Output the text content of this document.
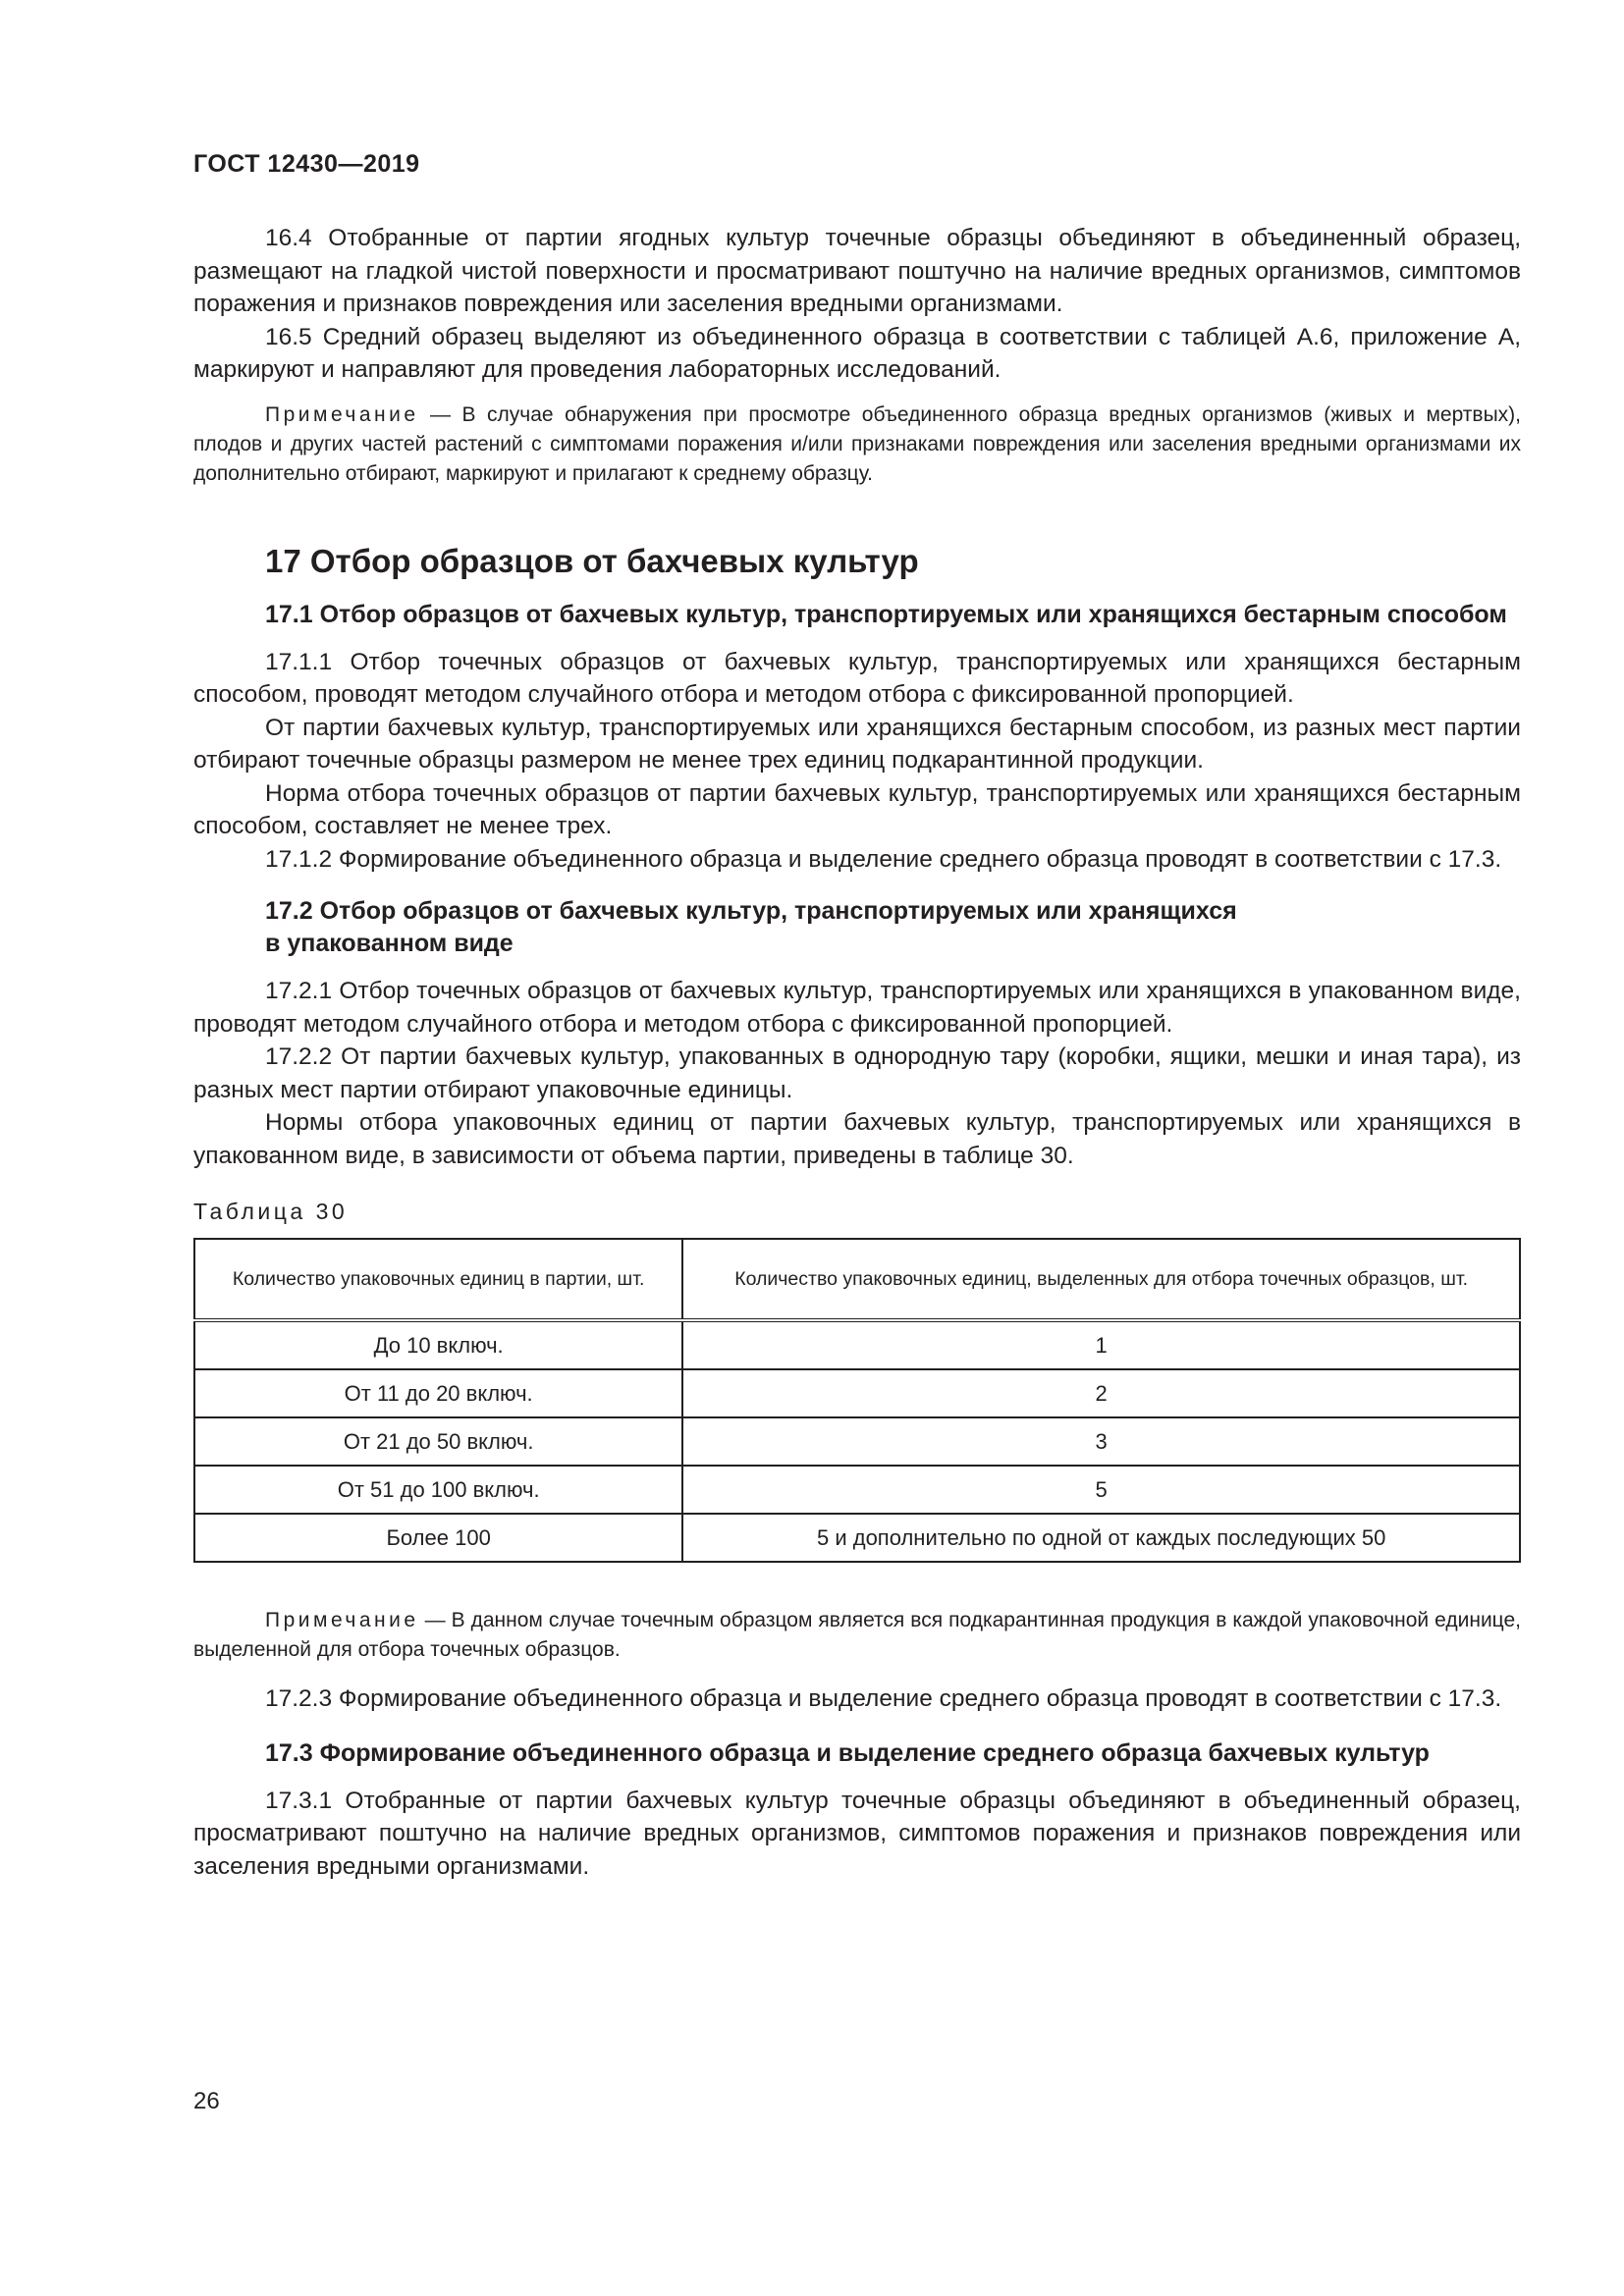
ГОСТ 12430—2019

16.4 Отобранные от партии ягодных культур точечные образцы объединяют в объединенный образец, размещают на гладкой чистой поверхности и просматривают поштучно на наличие вредных организмов, симптомов поражения и признаков повреждения или заселения вредными организмами.

16.5 Средний образец выделяют из объединенного образца в соответствии с таблицей А.6, приложение А, маркируют и направляют для проведения лабораторных исследований.

Примечание — В случае обнаружения при просмотре объединенного образца вредных организмов (живых и мертвых), плодов и других частей растений с симптомами поражения и/или признаками повреждения или заселения вредными организмами их дополнительно отбирают, маркируют и прилагают к среднему образцу.

17 Отбор образцов от бахчевых культур
17.1 Отбор образцов от бахчевых культур, транспортируемых или хранящихся бестарным способом

17.1.1 Отбор точечных образцов от бахчевых культур, транспортируемых или хранящихся бестарным способом, проводят методом случайного отбора и методом отбора с фиксированной пропорцией.

От партии бахчевых культур, транспортируемых или хранящихся бестарным способом, из разных мест партии отбирают точечные образцы размером не менее трех единиц подкарантинной продукции.

Норма отбора точечных образцов от партии бахчевых культур, транспортируемых или хранящихся бестарным способом, составляет не менее трех.

17.1.2 Формирование объединенного образца и выделение среднего образца проводят в соответствии с 17.3.

17.2 Отбор образцов от бахчевых культур, транспортируемых или хранящихся
в упакованном виде

17.2.1 Отбор точечных образцов от бахчевых культур, транспортируемых или хранящихся в упакованном виде, проводят методом случайного отбора и методом отбора с фиксированной пропорцией.

17.2.2 От партии бахчевых культур, упакованных в однородную тару (коробки, ящики, мешки и иная тара), из разных мест партии отбирают упаковочные единицы.

Нормы отбора упаковочных единиц от партии бахчевых культур, транспортируемых или хранящихся в упакованном виде, в зависимости от объема партии, приведены в таблице 30.

Таблица 30

Количество упаковочных единиц в партии, шт.	Количество упаковочных единиц, выделенных для отбора точечных образцов, шт.
До 10 включ.	1
От 11 до 20 включ.	2
От 21 до 50 включ.	3
От 51 до 100 включ.	5
Более 100	5 и дополнительно по одной от каждых последующих 50

Примечание — В данном случае точечным образцом является вся подкарантинная продукция в каждой упаковочной единице, выделенной для отбора точечных образцов.

17.2.3 Формирование объединенного образца и выделение среднего образца проводят в соответствии с 17.3.

17.3 Формирование объединенного образца и выделение среднего образца бахчевых культур

17.3.1 Отобранные от партии бахчевых культур точечные образцы объединяют в объединенный образец, просматривают поштучно на наличие вредных организмов, симптомов поражения и признаков повреждения или заселения вредными организмами.

26
